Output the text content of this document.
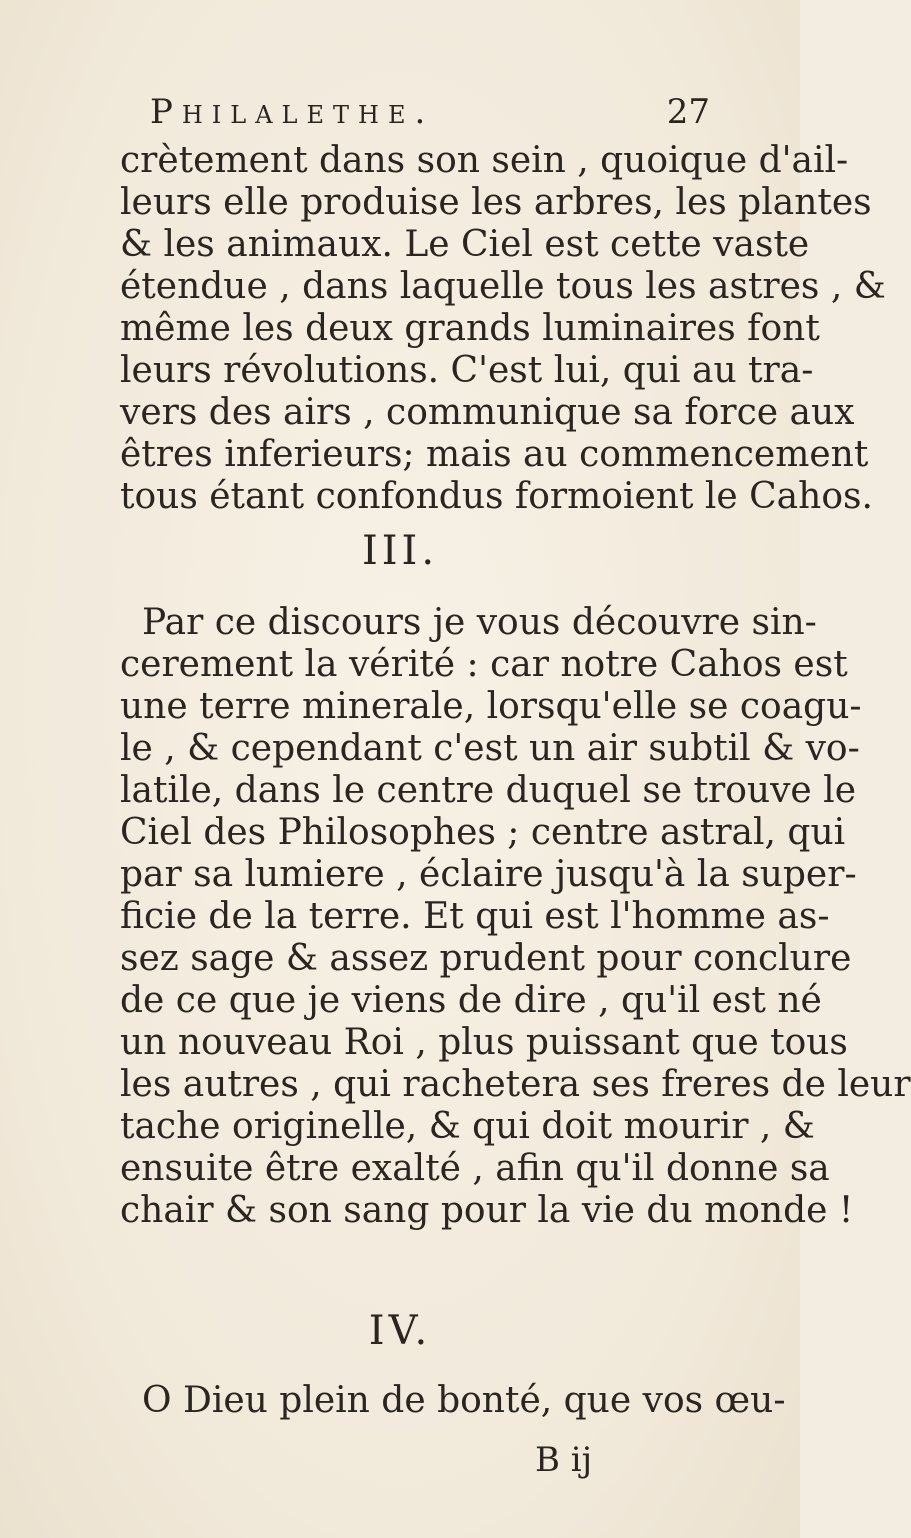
Philalethe.	27
crètement dans son sein , quoique d'ail-
leurs elle produise les arbres, les plantes
& les animaux. Le Ciel est cette vaste
étendue , dans laquelle tous les astres , &
même les deux grands luminaires font
leurs révolutions. C'est lui, qui au tra-
vers des airs , communique sa force aux
êtres inferieurs; mais au commencement
tous étant confondus formoient le Cahos.
III.
Par ce discours je vous découvre sin-
cerement la vérité : car notre Cahos est
une terre minerale, lorsqu'elle se coagu-
le , & cependant c'est un air subtil & vo-
latile, dans le centre duquel se trouve le
Ciel des Philosophes ; centre astral, qui
par sa lumiere , éclaire jusqu'à la super-
ficie de la terre. Et qui est l'homme as-
sez sage & assez prudent pour conclure
de ce que je viens de dire , qu'il est né
un nouveau Roi , plus puissant que tous
les autres , qui rachetera ses freres de leur
tache originelle, & qui doit mourir , &
ensuite être exalté , afin qu'il donne sa
chair & son sang pour la vie du monde !
IV.
O Dieu plein de bonté, que vos œu-
B ij
